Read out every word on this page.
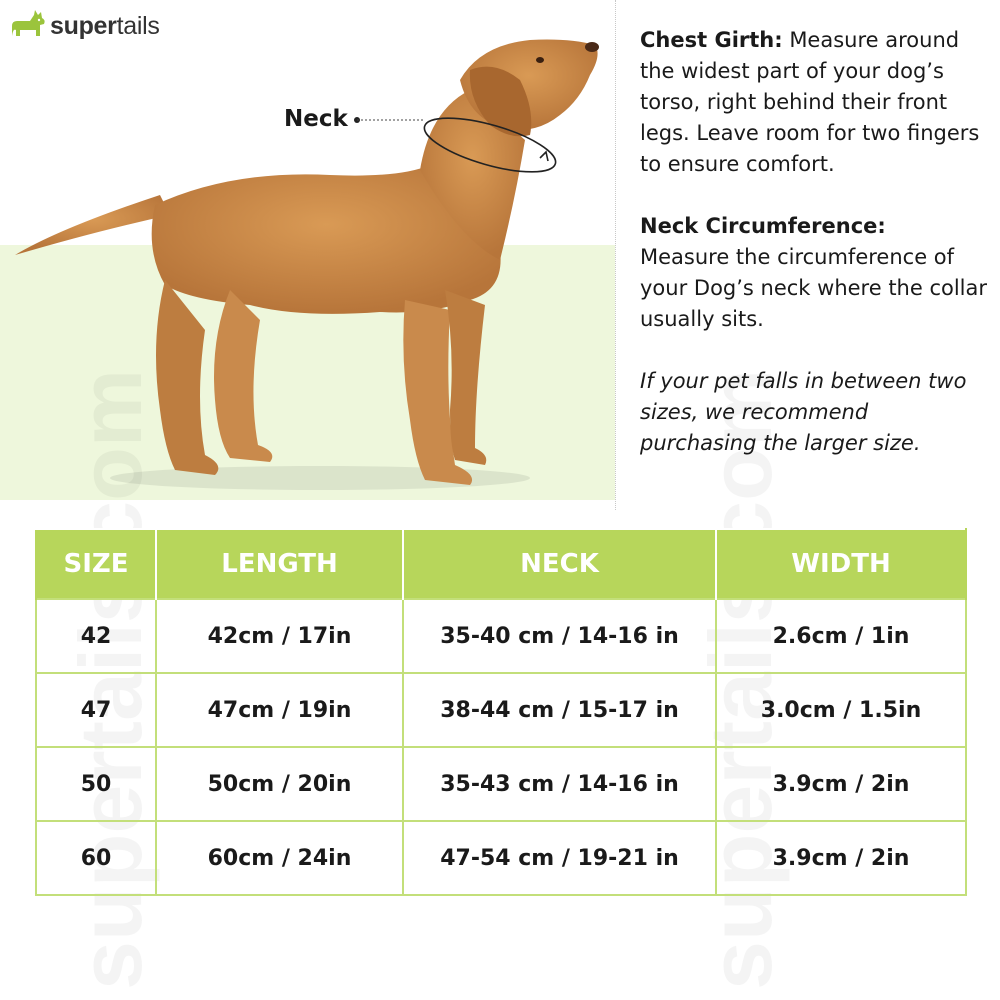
supertails
Neck

Chest Girth: Measure around the widest part of your dog’s torso, right behind their front legs. Leave room for two fingers to ensure comfort.

Neck Circumference:
Measure the circumference of your Dog’s neck where the collar usually sits.

If your pet falls in between two sizes, we recommend purchasing the larger size.

SIZE	LENGTH	NECK	WIDTH
42	42cm / 17in	35-40 cm / 14-16 in	2.6cm / 1in
47	47cm / 19in	38-44 cm / 15-17 in	3.0cm / 1.5in
50	50cm / 20in	35-43 cm / 14-16 in	3.9cm / 2in
60	60cm / 24in	47-54 cm / 19-21 in	3.9cm / 2in
